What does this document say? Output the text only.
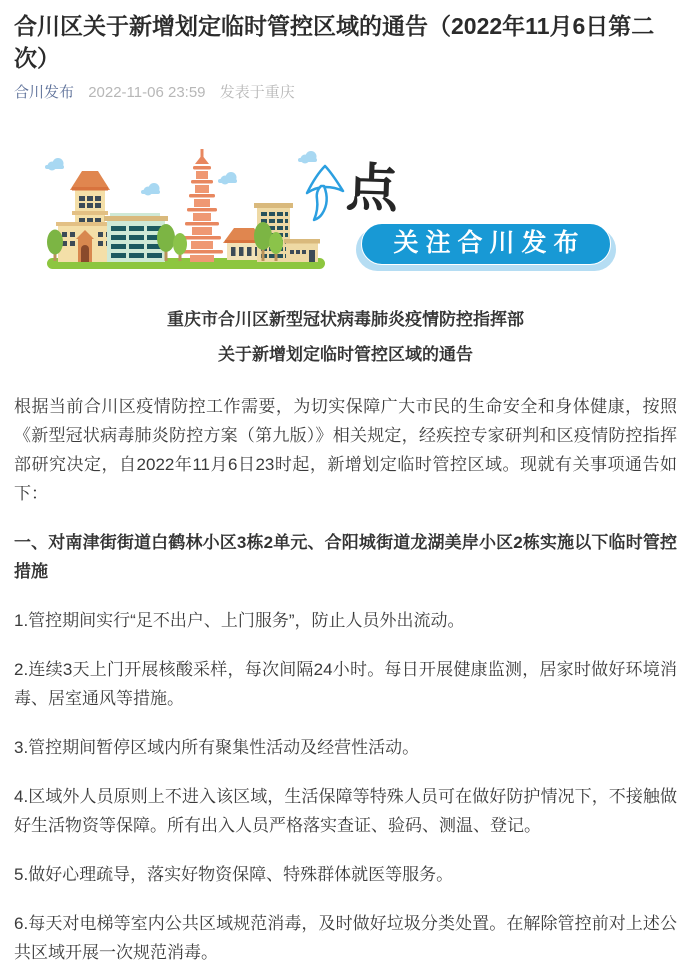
合川区关于新增划定临时管控区域的通告（2022年11月6日第二次）
合川发布 2022-11-06 23:59 发表于重庆
点
关注合川发布
重庆市合川区新型冠状病毒肺炎疫情防控指挥部
关于新增划定临时管控区域的通告

根据当前合川区疫情防控工作需要，为切实保障广大市民的生命安全和身体健康，按照《新型冠状病毒肺炎防控方案（第九版）》相关规定，经疾控专家研判和区疫情防控指挥部研究决定，自2022年11月6日23时起，新增划定临时管控区域。现就有关事项通告如下：

一、对南津街街道白鹤林小区3栋2单元、合阳城街道龙湖美岸小区2栋实施以下临时管控措施

1.管控期间实行“足不出户、上门服务”，防止人员外出流动。

2.连续3天上门开展核酸采样，每次间隔24小时。每日开展健康监测，居家时做好环境消毒、居室通风等措施。

3.管控期间暂停区域内所有聚集性活动及经营性活动。

4.区域外人员原则上不进入该区域，生活保障等特殊人员可在做好防护情况下，不接触做好生活物资等保障。所有出入人员严格落实查证、验码、测温、登记。

5.做好心理疏导，落实好物资保障、特殊群体就医等服务。

6.每天对电梯等室内公共区域规范消毒，及时做好垃圾分类处置。在解除管控前对上述公共区域开展一次规范消毒。
